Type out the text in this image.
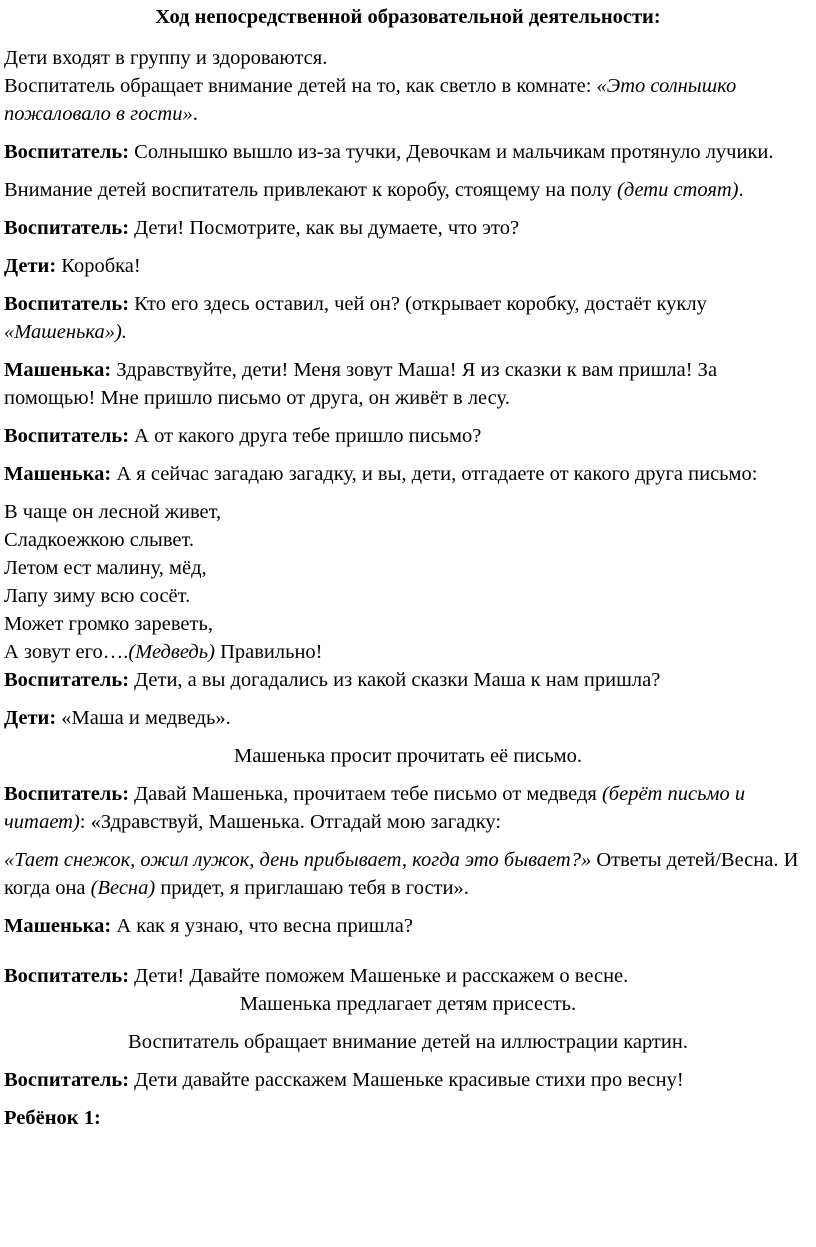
Ход непосредственной образовательной деятельности:

Дети входят в группу и здороваются.
Воспитатель обращает внимание детей на то, как светло в комнате: «Это солнышко пожаловало в гости».

Воспитатель: Солнышко вышло из-за тучки, Девочкам и мальчикам протянуло лучики.

Внимание детей воспитатель привлекают к коробу, стоящему на полу (дети стоят).

Воспитатель: Дети! Посмотрите, как вы думаете, что это?

Дети: Коробка!

Воспитатель: Кто его здесь оставил, чей он? (открывает коробку, достаёт куклу «Машенька»).

Машенька: Здравствуйте, дети! Меня зовут Маша! Я из сказки к вам пришла! За помощью! Мне пришло письмо от друга, он живёт в лесу.

Воспитатель: А от какого друга тебе пришло письмо?

Машенька: А я сейчас загадаю загадку, и вы, дети, отгадаете от какого друга письмо:

В чаще он лесной живет,

Сладкоежкою слывет.

Летом ест малину, мёд,

Лапу зиму всю сосёт.

Может громко зареветь,

А зовут его….(Медведь) Правильно!

Воспитатель: Дети, а вы догадались из какой сказки Маша к нам пришла?

Дети: «Маша и медведь».

Машенька просит прочитать её письмо.

Воспитатель: Давай Машенька, прочитаем тебе письмо от медведя (берёт письмо и читает): «Здравствуй, Машенька. Отгадай мою загадку:

«Тает снежок, ожил лужок, день прибывает, когда это бывает?» Ответы детей/Весна. И когда она (Весна) придет, я приглашаю тебя в гости».

Машенька: А как я узнаю, что весна пришла?

Воспитатель: Дети! Давайте поможем Машеньке и расскажем о весне.

Машенька предлагает детям присесть.

Воспитатель обращает внимание детей на иллюстрации картин.

Воспитатель: Дети давайте расскажем Машеньке красивые стихи про весну!

Ребёнок 1:
